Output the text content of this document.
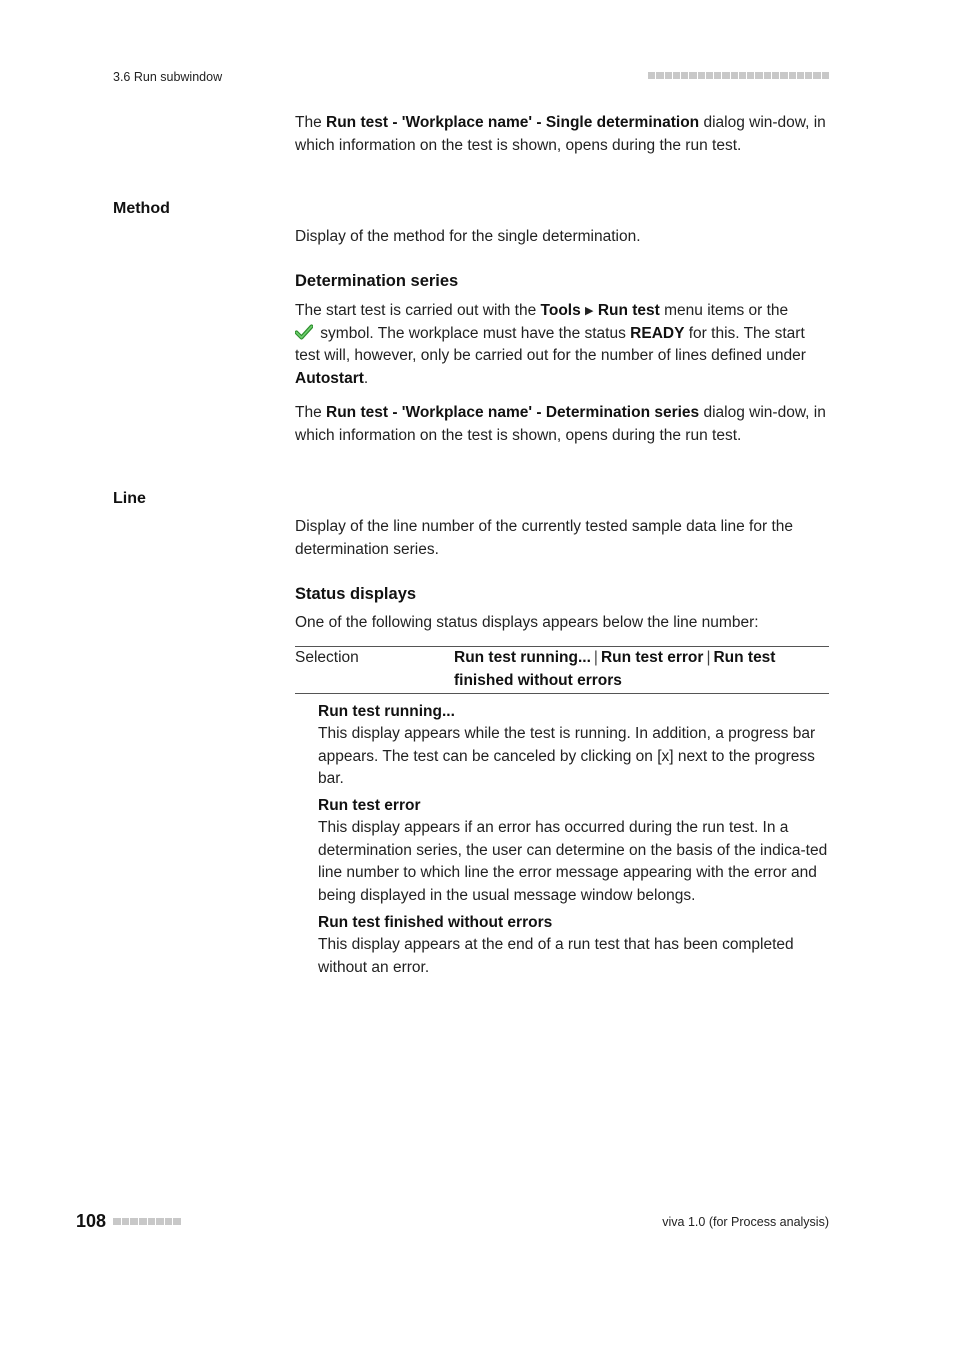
3.6 Run subwindow
The Run test - 'Workplace name' - Single determination dialog win-dow, in which information on the test is shown, opens during the run test.
Method
Display of the method for the single determination.
Determination series
The start test is carried out with the Tools ▶ Run test menu items or the
symbol. The workplace must have the status READY for this. The start test will, however, only be carried out for the number of lines defined under Autostart.
The Run test - 'Workplace name' - Determination series dialog win-dow, in which information on the test is shown, opens during the run test.
Line
Display of the line number of the currently tested sample data line for the determination series.
Status displays
One of the following status displays appears below the line number:
Selection	Run test running... | Run test error | Run test finished without errors
Run test running...
This display appears while the test is running. In addition, a progress bar appears. The test can be canceled by clicking on [x] next to the progress bar.
Run test error
This display appears if an error has occurred during the run test. In a determination series, the user can determine on the basis of the indica-ted line number to which line the error message appearing with the error and being displayed in the usual message window belongs.
Run test finished without errors
This display appears at the end of a run test that has been completed without an error.
108	viva 1.0 (for Process analysis)
